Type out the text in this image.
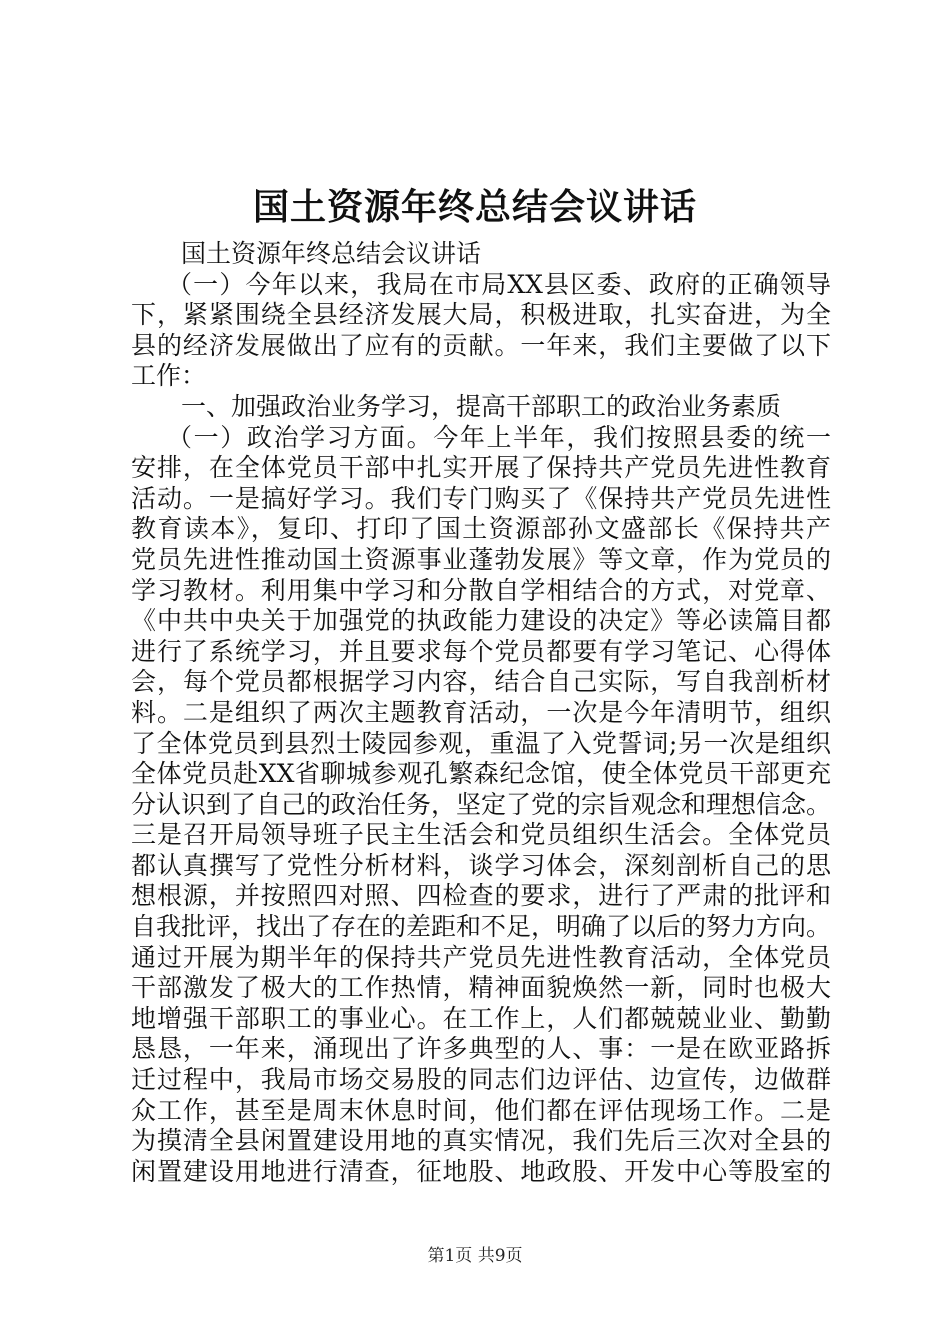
国土资源年终总结会议讲话
国土资源年终总结会议讲话
（一）今年以来，我局在市局XX县区委、政府的正确领导
下，紧紧围绕全县经济发展大局，积极进取，扎实奋进，为全
县的经济发展做出了应有的贡献。一年来，我们主要做了以下
工作：
一、加强政治业务学习，提高干部职工的政治业务素质
（一）政治学习方面。今年上半年，我们按照县委的统一
安排，在全体党员干部中扎实开展了保持共产党员先进性教育
活动。一是搞好学习。我们专门购买了《保持共产党员先进性
教育读本》，复印、打印了国土资源部孙文盛部长《保持共产
党员先进性推动国土资源事业蓬勃发展》等文章，作为党员的
学习教材。利用集中学习和分散自学相结合的方式，对党章、
《中共中央关于加强党的执政能力建设的决定》等必读篇目都
进行了系统学习，并且要求每个党员都要有学习笔记、心得体
会，每个党员都根据学习内容，结合自己实际，写自我剖析材
料。二是组织了两次主题教育活动，一次是今年清明节，组织
了全体党员到县烈士陵园参观，重温了入党誓词;另一次是组织
全体党员赴XX省聊城参观孔繁森纪念馆，使全体党员干部更充
分认识到了自己的政治任务，坚定了党的宗旨观念和理想信念。
三是召开局领导班子民主生活会和党员组织生活会。全体党员
都认真撰写了党性分析材料，谈学习体会，深刻剖析自己的思
想根源，并按照四对照、四检查的要求，进行了严肃的批评和
自我批评，找出了存在的差距和不足，明确了以后的努力方向。
通过开展为期半年的保持共产党员先进性教育活动，全体党员
干部激发了极大的工作热情，精神面貌焕然一新，同时也极大
地增强干部职工的事业心。在工作上，人们都兢兢业业、勤勤
恳恳，一年来，涌现出了许多典型的人、事：一是在欧亚路拆
迁过程中，我局市场交易股的同志们边评估、边宣传，边做群
众工作，甚至是周末休息时间，他们都在评估现场工作。二是
为摸清全县闲置建设用地的真实情况，我们先后三次对全县的
闲置建设用地进行清查，征地股、地政股、开发中心等股室的
第1页 共9页
